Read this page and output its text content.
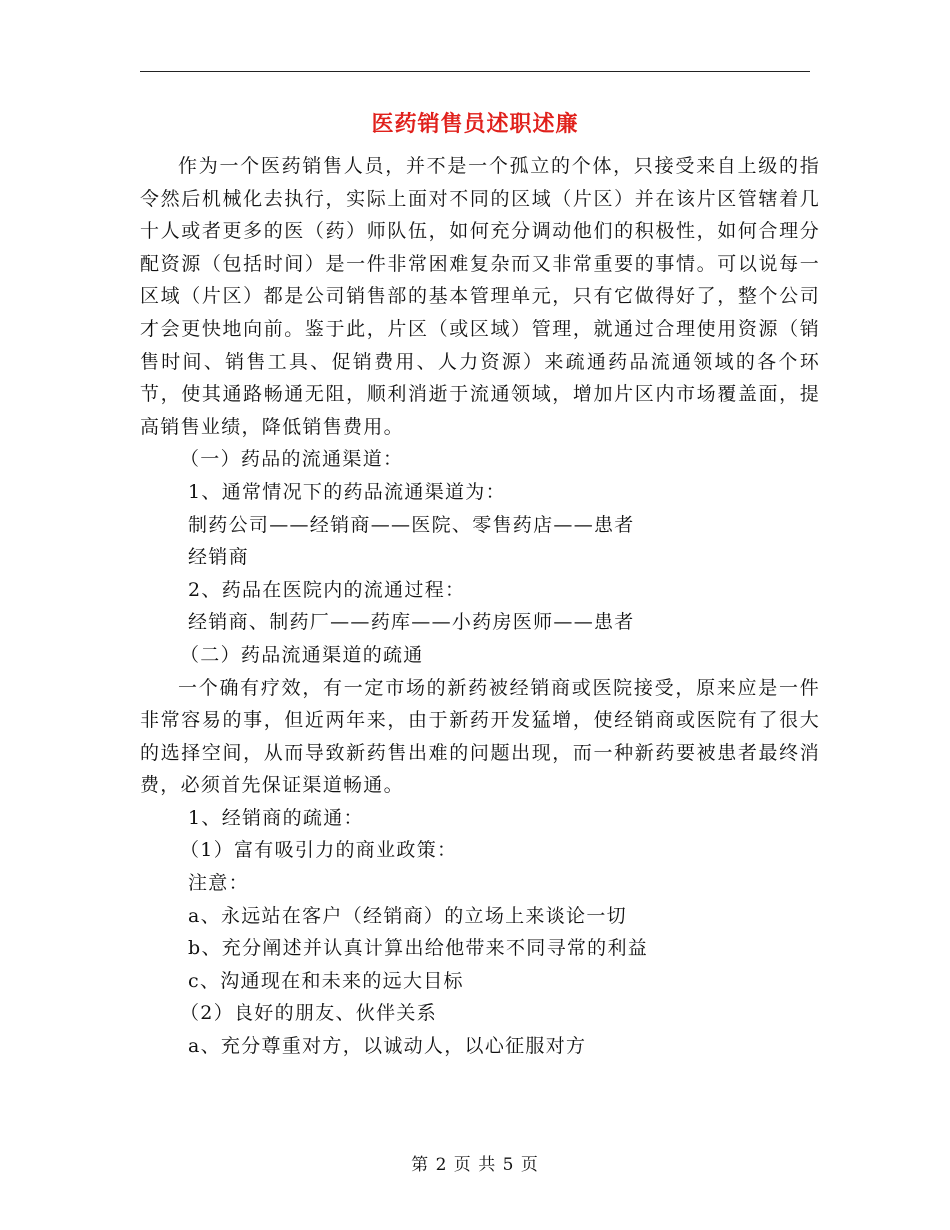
医药销售员述职述廉

作为一个医药销售人员，并不是一个孤立的个体，只接受来自上级的指令然后机械化去执行，实际上面对不同的区域（片区）并在该片区管辖着几十人或者更多的医（药）师队伍，如何充分调动他们的积极性，如何合理分配资源（包括时间）是一件非常困难复杂而又非常重要的事情。可以说每一区域（片区）都是公司销售部的基本管理单元，只有它做得好了，整个公司才会更快地向前。鉴于此，片区（或区域）管理，就通过合理使用资源（销售时间、销售工具、促销费用、人力资源）来疏通药品流通领域的各个环节，使其通路畅通无阻，顺利消逝于流通领域，增加片区内市场覆盖面，提高销售业绩，降低销售费用。

（一）药品的流通渠道：

1、通常情况下的药品流通渠道为：

制药公司——经销商——医院、零售药店——患者

经销商

2、药品在医院内的流通过程：

经销商、制药厂——药库——小药房医师——患者

（二）药品流通渠道的疏通

一个确有疗效，有一定市场的新药被经销商或医院接受，原来应是一件非常容易的事，但近两年来，由于新药开发猛增，使经销商或医院有了很大的选择空间，从而导致新药售出难的问题出现，而一种新药要被患者最终消费，必须首先保证渠道畅通。

1、经销商的疏通：

（1）富有吸引力的商业政策：

注意：

a、永远站在客户（经销商）的立场上来谈论一切

b、充分阐述并认真计算出给他带来不同寻常的利益

c、沟通现在和未来的远大目标

（2）良好的朋友、伙伴关系

a、充分尊重对方，以诚动人，以心征服对方

第 2 页 共 5 页
